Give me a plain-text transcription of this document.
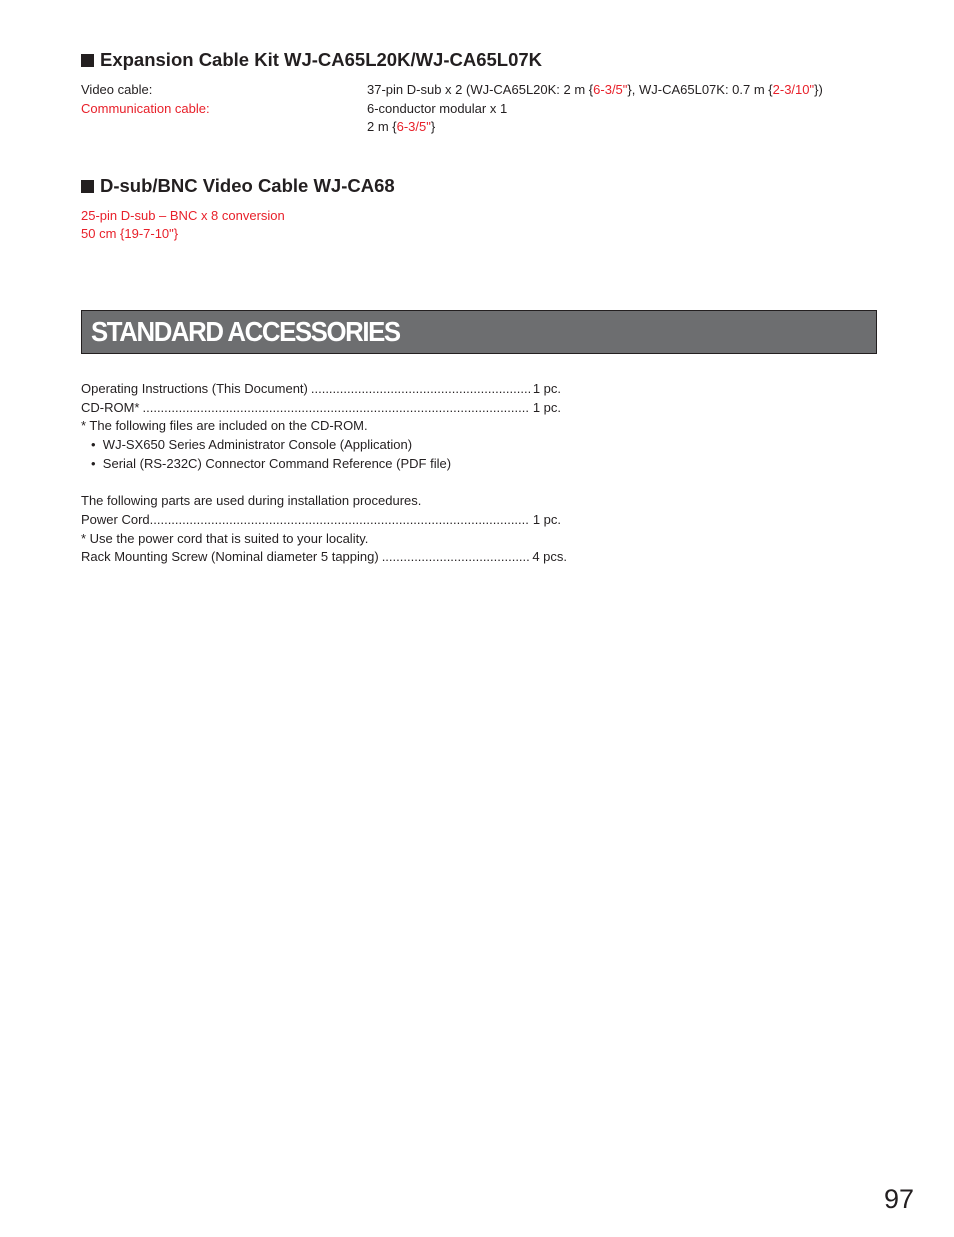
Expansion Cable Kit WJ-CA65L20K/WJ-CA65L07K
Video cable:	37-pin D-sub x 2 (WJ-CA65L20K: 2 m {6-3/5"}, WJ-CA65L07K: 0.7 m {2-3/10"})
Communication cable:	6-conductor modular x 1
2 m {6-3/5"}
D-sub/BNC Video Cable WJ-CA68
25-pin D-sub – BNC x 8 conversion
50 cm {19-7-10"}
STANDARD ACCESSORIES
Operating Instructions (This Document) .....	1 pc.
CD-ROM* .....	1 pc.
* The following files are included on the CD-ROM.
• WJ-SX650 Series Administrator Console (Application)
• Serial (RS-232C) Connector Command Reference (PDF file)
The following parts are used during installation procedures.
Power Cord .....	1 pc.
* Use the power cord that is suited to your locality.
Rack Mounting Screw (Nominal diameter 5 tapping) .....	4 pcs.
97
